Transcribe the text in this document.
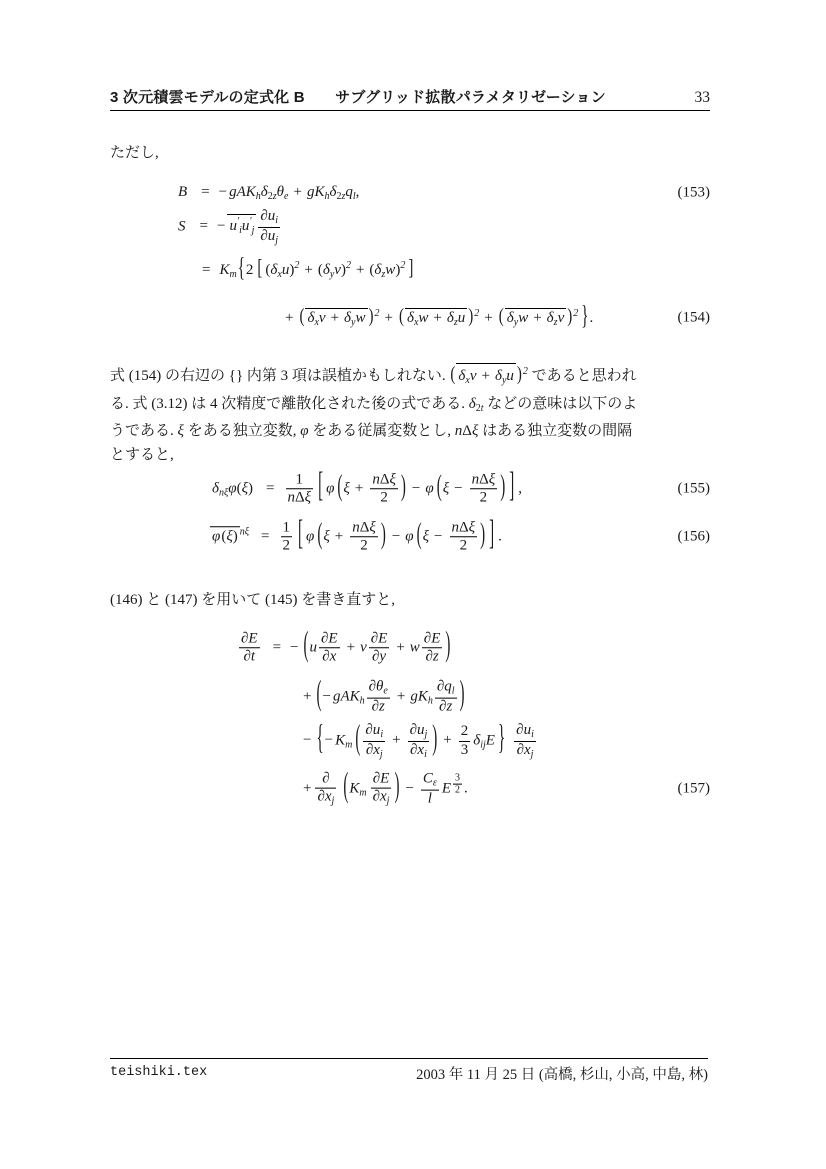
3 次元積雲モデルの定式化 B　　サブグリッド拡散パラメタリゼーション	33
ただし,
B = − $gAK_h\delta_{2z}\theta_e + gK_h\delta_{2z}q_l$,	(153)
S = − $u'_iu'_j \frac{\partial u_i}{\partial u_j}$
= $K_m\{2$ [ $(\delta_xu)^2 + (\delta_yv)^2 + (\delta_zw)^2$ ]
+ ( $\delta_xv + \delta_yw$ )$^2$ + ( $\delta_xw + \delta_zu$ )$^2$ + ( $\delta_yw + \delta_zv$ )$^2$ }.	(154)
式 (154) の右辺の {} 内第 3 項は誤植かもしれない. ( $\delta_xv + \delta_yu$ )$^2$ であると思われ
る. 式 (3.12) は 4 次精度で離散化された後の式である. $\delta_{2t}$ などの意味は以下のよ
うである. ξ をある独立変数, φ をある従属変数とし, nΔξ はある独立変数の間隔
とすると,
$\delta_{n\xi}\varphi(\xi) = \frac{1}{\text{nΔξ}}$ [ φ ($\xi + \frac{\text{nΔξ}}{2}$ ) − φ ($\xi - \frac{\text{nΔξ}}{2}$ ) ] ,	(155)
φ(ξ) $^{n\xi} = \frac{1}{2}$ [ φ ($\xi + \frac{\text{nΔξ}}{2}$ ) − φ ($\xi - \frac{\text{nΔξ}}{2}$ ) ] .	(156)
(146) と (147) を用いて (145) を書き直すと,
$\frac{\partial E}{\partial t}$ = − ($u \frac{\partial E}{\partial x} + v \frac{\partial E}{\partial y} + w \frac{\partial E}{\partial z}$ )
+ (− $gAK_h \frac{\partial\theta_e}{\partial z} + gK_h \frac{\partial q_l}{\partial z}$ )
− {− $K_m$ ( $\frac{\partial u_i}{\partial x_j} + \frac{\partial u_j}{\partial x_i}$ ) + $\frac{2}{3} \delta_{ij}E$ } $\frac{\partial u_i}{\partial x_j}$
+ $\frac{\partial}{\partial x_j} (K_m \frac{\partial E}{\partial x_j}$ ) − $\frac{C_\varepsilon}{l}$ E $^{\frac{3}{2}}$ .	(157)
teishiki.tex	2003 年 11 月 25 日 (高橋, 杉山, 小高, 中島, 林)
